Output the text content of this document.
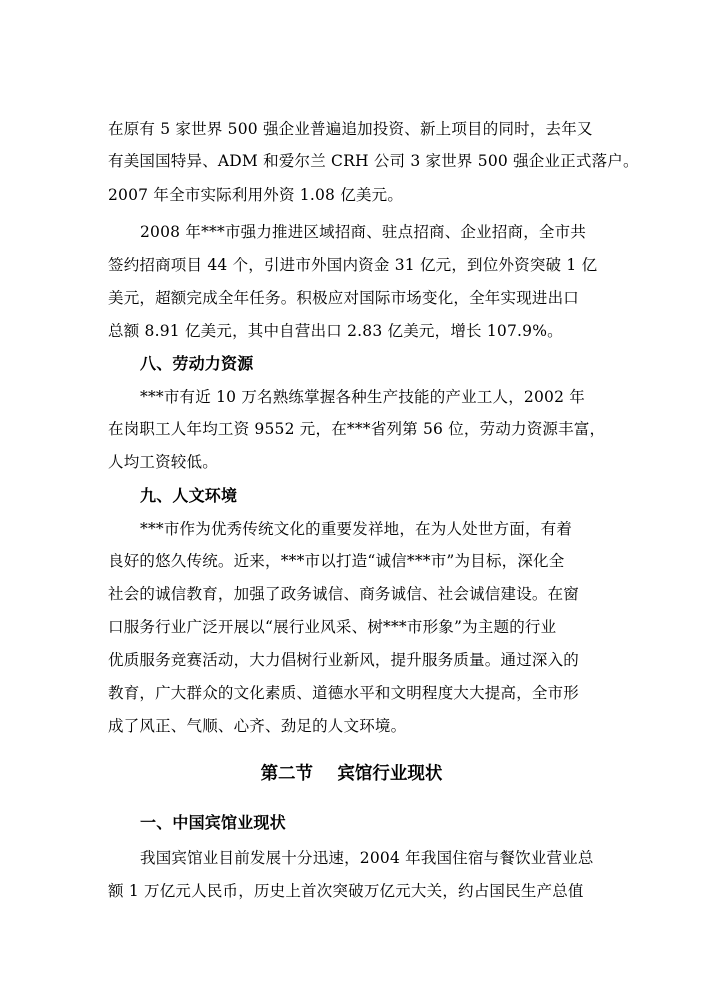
在原有 5 家世界 500 强企业普遍追加投资、新上项目的同时，去年又
有美国国特异、ADM 和爱尔兰 CRH 公司 3 家世界 500 强企业正式落户。
2007 年全市实际利用外资 1.08 亿美元。
2008 年***市强力推进区域招商、驻点招商、企业招商，全市共
签约招商项目 44 个，引进市外国内资金 31 亿元，到位外资突破 1 亿
美元，超额完成全年任务。积极应对国际市场变化，全年实现进出口
总额 8.91 亿美元，其中自营出口 2.83 亿美元，增长 107.9%。
八、劳动力资源
***市有近 10 万名熟练掌握各种生产技能的产业工人，2002 年
在岗职工人年均工资 9552 元，在***省列第 56 位，劳动力资源丰富，
人均工资较低。
九、人文环境
***市作为优秀传统文化的重要发祥地，在为人处世方面，有着
良好的悠久传统。近来，***市以打造“诚信***市”为目标，深化全
社会的诚信教育，加强了政务诚信、商务诚信、社会诚信建设。在窗
口服务行业广泛开展以“展行业风采、树***市形象”为主题的行业
优质服务竞赛活动，大力倡树行业新风，提升服务质量。通过深入的
教育，广大群众的文化素质、道德水平和文明程度大大提高，全市形
成了风正、气顺、心齐、劲足的人文环境。
第二节    宾馆行业现状
一、中国宾馆业现状
我国宾馆业目前发展十分迅速，2004 年我国住宿与餐饮业营业总
额 1 万亿元人民币，历史上首次突破万亿元大关，约占国民生产总值
